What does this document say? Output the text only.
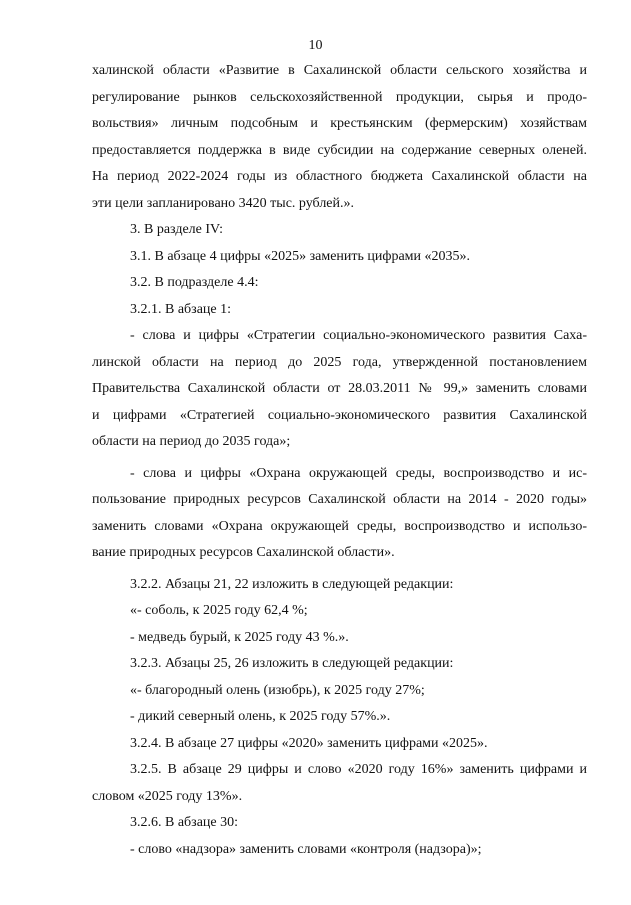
10

халинской области «Развитие в Сахалинской области сельского хозяйства и

регулирование рынков сельскохозяйственной продукции, сырья и продо-

вольствия» личным подсобным и крестьянским (фермерским) хозяйствам

предоставляется поддержка в виде субсидии на содержание северных оленей.

На период 2022-2024 годы из областного бюджета Сахалинской области на

эти цели запланировано 3420 тыс. рублей.».

3. В разделе IV:

3.1. В абзаце 4 цифры «2025» заменить цифрами «2035».

3.2. В подразделе 4.4:

3.2.1. В абзаце 1:

- слова и цифры «Стратегии социально-экономического развития Саха-

линской области на период до 2025 года, утвержденной постановлением

Правительства Сахалинской области от 28.03.2011 № 99,» заменить словами

и цифрами «Стратегией социально-экономического развития Сахалинской

области на период до 2035 года»;

- слова и цифры «Охрана окружающей среды, воспроизводство и ис-

пользование природных ресурсов Сахалинской области на 2014 - 2020 годы»

заменить словами «Охрана окружающей среды, воспроизводство и использо-

вание природных ресурсов Сахалинской области».

3.2.2. Абзацы 21, 22 изложить в следующей редакции:

«- соболь, к 2025 году 62,4 %;

- медведь бурый, к 2025 году 43 %.».

3.2.3. Абзацы 25, 26 изложить в следующей редакции:

«- благородный олень (изюбрь), к 2025 году 27%;

- дикий северный олень, к 2025 году 57%.».

3.2.4. В абзаце 27 цифры «2020» заменить цифрами «2025».

3.2.5. В абзаце 29 цифры и слово «2020 году 16%» заменить цифрами и

словом «2025 году 13%».

3.2.6. В абзаце 30:

- слово «надзора» заменить словами «контроля (надзора)»;
